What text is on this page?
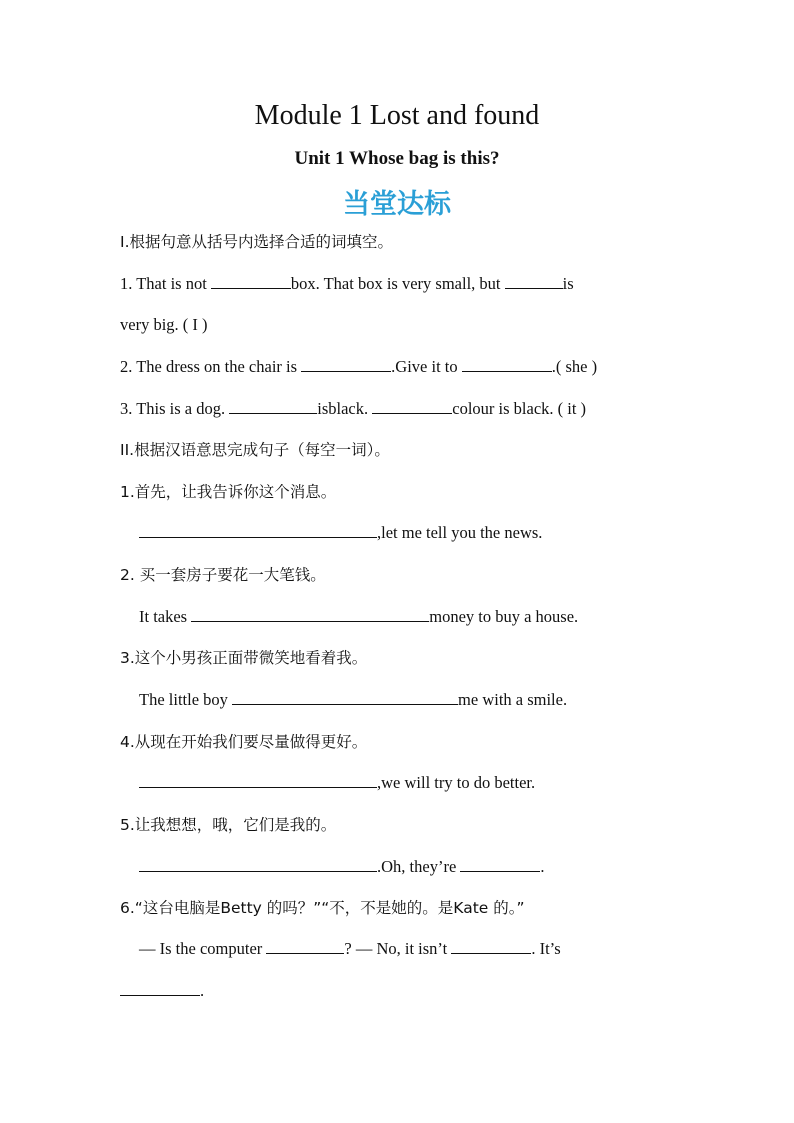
Module 1 Lost and found
Unit 1 Whose bag is this?
当堂达标
I.根据句意从括号内选择合适的词填空。
1. That is not	box. That box is very small, but	is
very big. ( I )
2. The dress on the chair is	.Give it to	.( she )
3. This is a dog.	isblack.	colour is black. ( it )
II.根据汉语意思完成句子（每空一词）。
1.首先，让我告诉你这个消息。
,let me tell you the news.
2. 买一套房子要花一大笔钱。
It takes	money to buy a house.
3.这个小男孩正面带微笑地看着我。
The little boy	me with a smile.
4.从现在开始我们要尽量做得更好。
,we will try to do better.
5.让我想想，哦，它们是我的。
.Oh, they’re	.
6.“这台电脑是Betty 的吗？”“不，不是她的。是Kate 的。”
— Is the computer	? — No, it isn’t	. It’s
.
